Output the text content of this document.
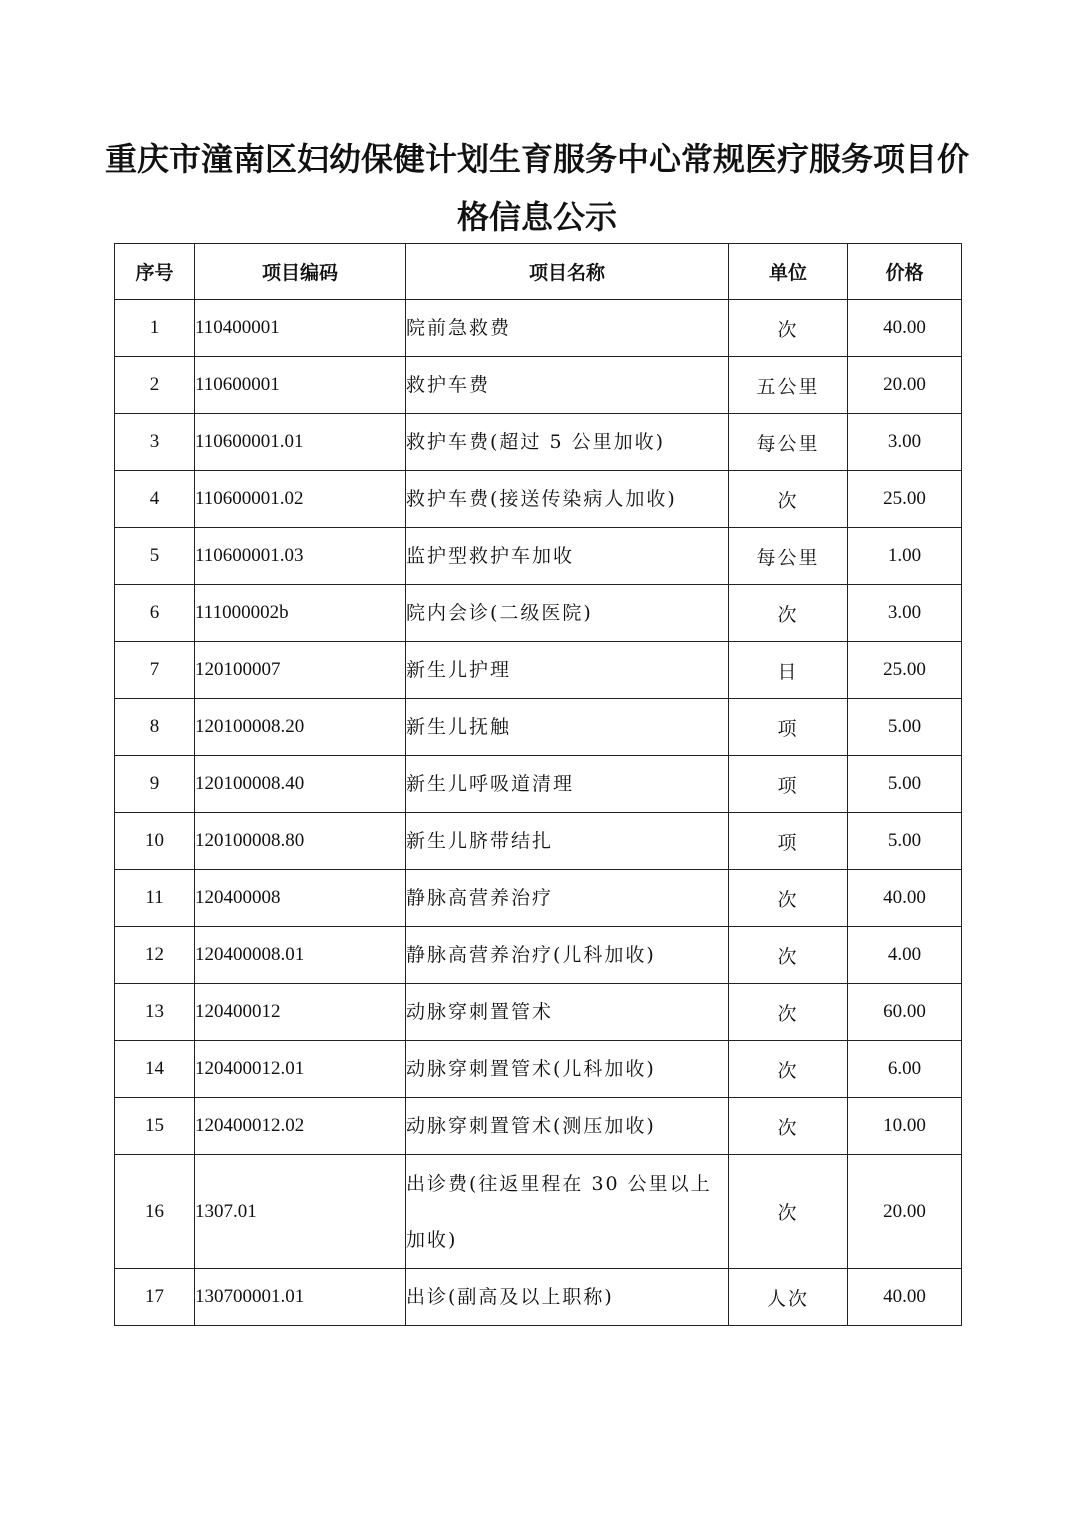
重庆市潼南区妇幼保健计划生育服务中心常规医疗服务项目价格信息公示
序号	项目编码	项目名称	单位	价格
1	110400001	院前急救费	次	40.00
2	110600001	救护车费	五公里	20.00
3	110600001.01	救护车费(超过 5 公里加收)	每公里	3.00
4	110600001.02	救护车费(接送传染病人加收)	次	25.00
5	110600001.03	监护型救护车加收	每公里	1.00
6	111000002b	院内会诊(二级医院)	次	3.00
7	120100007	新生儿护理	日	25.00
8	120100008.20	新生儿抚触	项	5.00
9	120100008.40	新生儿呼吸道清理	项	5.00
10	120100008.80	新生儿脐带结扎	项	5.00
11	120400008	静脉高营养治疗	次	40.00
12	120400008.01	静脉高营养治疗(儿科加收)	次	4.00
13	120400012	动脉穿刺置管术	次	60.00
14	120400012.01	动脉穿刺置管术(儿科加收)	次	6.00
15	120400012.02	动脉穿刺置管术(测压加收)	次	10.00
16	1307.01	出诊费(往返里程在 30 公里以上加收)	次	20.00
17	130700001.01	出诊(副高及以上职称)	人次	40.00
